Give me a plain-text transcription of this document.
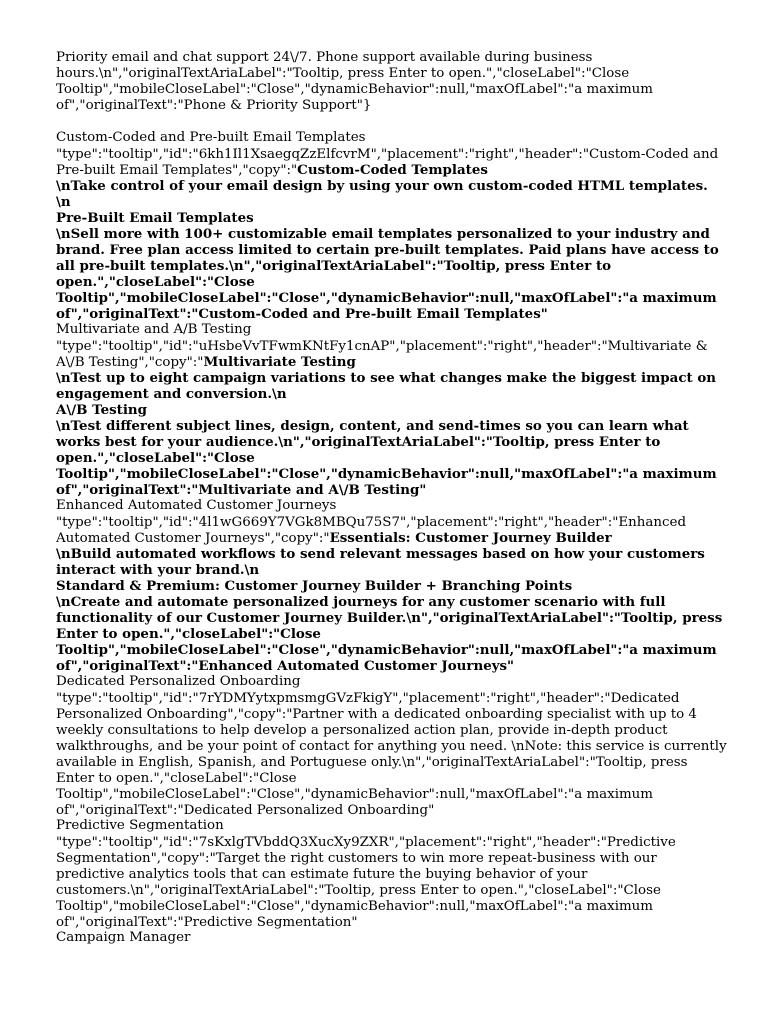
Priority email and chat support 24\/7. Phone support available during business
hours.\n","originalTextAriaLabel":"Tooltip, press Enter to open.","closeLabel":"Close
Tooltip","mobileCloseLabel":"Close","dynamicBehavior":null,"maxOfLabel":"a maximum
of","originalText":"Phone & Priority Support"}
Custom-Coded and Pre-built Email Templates
"type":"tooltip","id":"6kh1Il1XsaegqZzElfcvrM","placement":"right","header":"Custom-Coded and
Pre-built Email Templates","copy":"Custom-Coded Templates
\nTake control of your email design by using your own custom-coded HTML templates.
\n
Pre-Built Email Templates
\nSell more with 100+ customizable email templates personalized to your industry and
brand. Free plan access limited to certain pre-built templates. Paid plans have access to
all pre-built templates.\n","originalTextAriaLabel":"Tooltip, press Enter to
open.","closeLabel":"Close
Tooltip","mobileCloseLabel":"Close","dynamicBehavior":null,"maxOfLabel":"a maximum
of","originalText":"Custom-Coded and Pre-built Email Templates"
Multivariate and A/B Testing
"type":"tooltip","id":"uHsbeVvTFwmKNtFy1cnAP","placement":"right","header":"Multivariate &
A\/B Testing","copy":"Multivariate Testing
\nTest up to eight campaign variations to see what changes make the biggest impact on
engagement and conversion.\n
A\/B Testing
\nTest different subject lines, design, content, and send-times so you can learn what
works best for your audience.\n","originalTextAriaLabel":"Tooltip, press Enter to
open.","closeLabel":"Close
Tooltip","mobileCloseLabel":"Close","dynamicBehavior":null,"maxOfLabel":"a maximum
of","originalText":"Multivariate and A\/B Testing"
Enhanced Automated Customer Journeys
"type":"tooltip","id":"4l1wG669Y7VGk8MBQu75S7","placement":"right","header":"Enhanced
Automated Customer Journeys","copy":"Essentials: Customer Journey Builder
\nBuild automated workflows to send relevant messages based on how your customers
interact with your brand.\n
Standard & Premium: Customer Journey Builder + Branching Points
\nCreate and automate personalized journeys for any customer scenario with full
functionality of our Customer Journey Builder.\n","originalTextAriaLabel":"Tooltip, press
Enter to open.","closeLabel":"Close
Tooltip","mobileCloseLabel":"Close","dynamicBehavior":null,"maxOfLabel":"a maximum
of","originalText":"Enhanced Automated Customer Journeys"
Dedicated Personalized Onboarding
"type":"tooltip","id":"7rYDMYytxpmsmgGVzFkigY","placement":"right","header":"Dedicated
Personalized Onboarding","copy":"Partner with a dedicated onboarding specialist with up to 4
weekly consultations to help develop a personalized action plan, provide in-depth product
walkthroughs, and be your point of contact for anything you need. \nNote: this service is currently
available in English, Spanish, and Portuguese only.\n","originalTextAriaLabel":"Tooltip, press
Enter to open.","closeLabel":"Close
Tooltip","mobileCloseLabel":"Close","dynamicBehavior":null,"maxOfLabel":"a maximum
of","originalText":"Dedicated Personalized Onboarding"
Predictive Segmentation
"type":"tooltip","id":"7sKxlgTVbddQ3XucXy9ZXR","placement":"right","header":"Predictive
Segmentation","copy":"Target the right customers to win more repeat-business with our
predictive analytics tools that can estimate future the buying behavior of your
customers.\n","originalTextAriaLabel":"Tooltip, press Enter to open.","closeLabel":"Close
Tooltip","mobileCloseLabel":"Close","dynamicBehavior":null,"maxOfLabel":"a maximum
of","originalText":"Predictive Segmentation"
Campaign Manager
